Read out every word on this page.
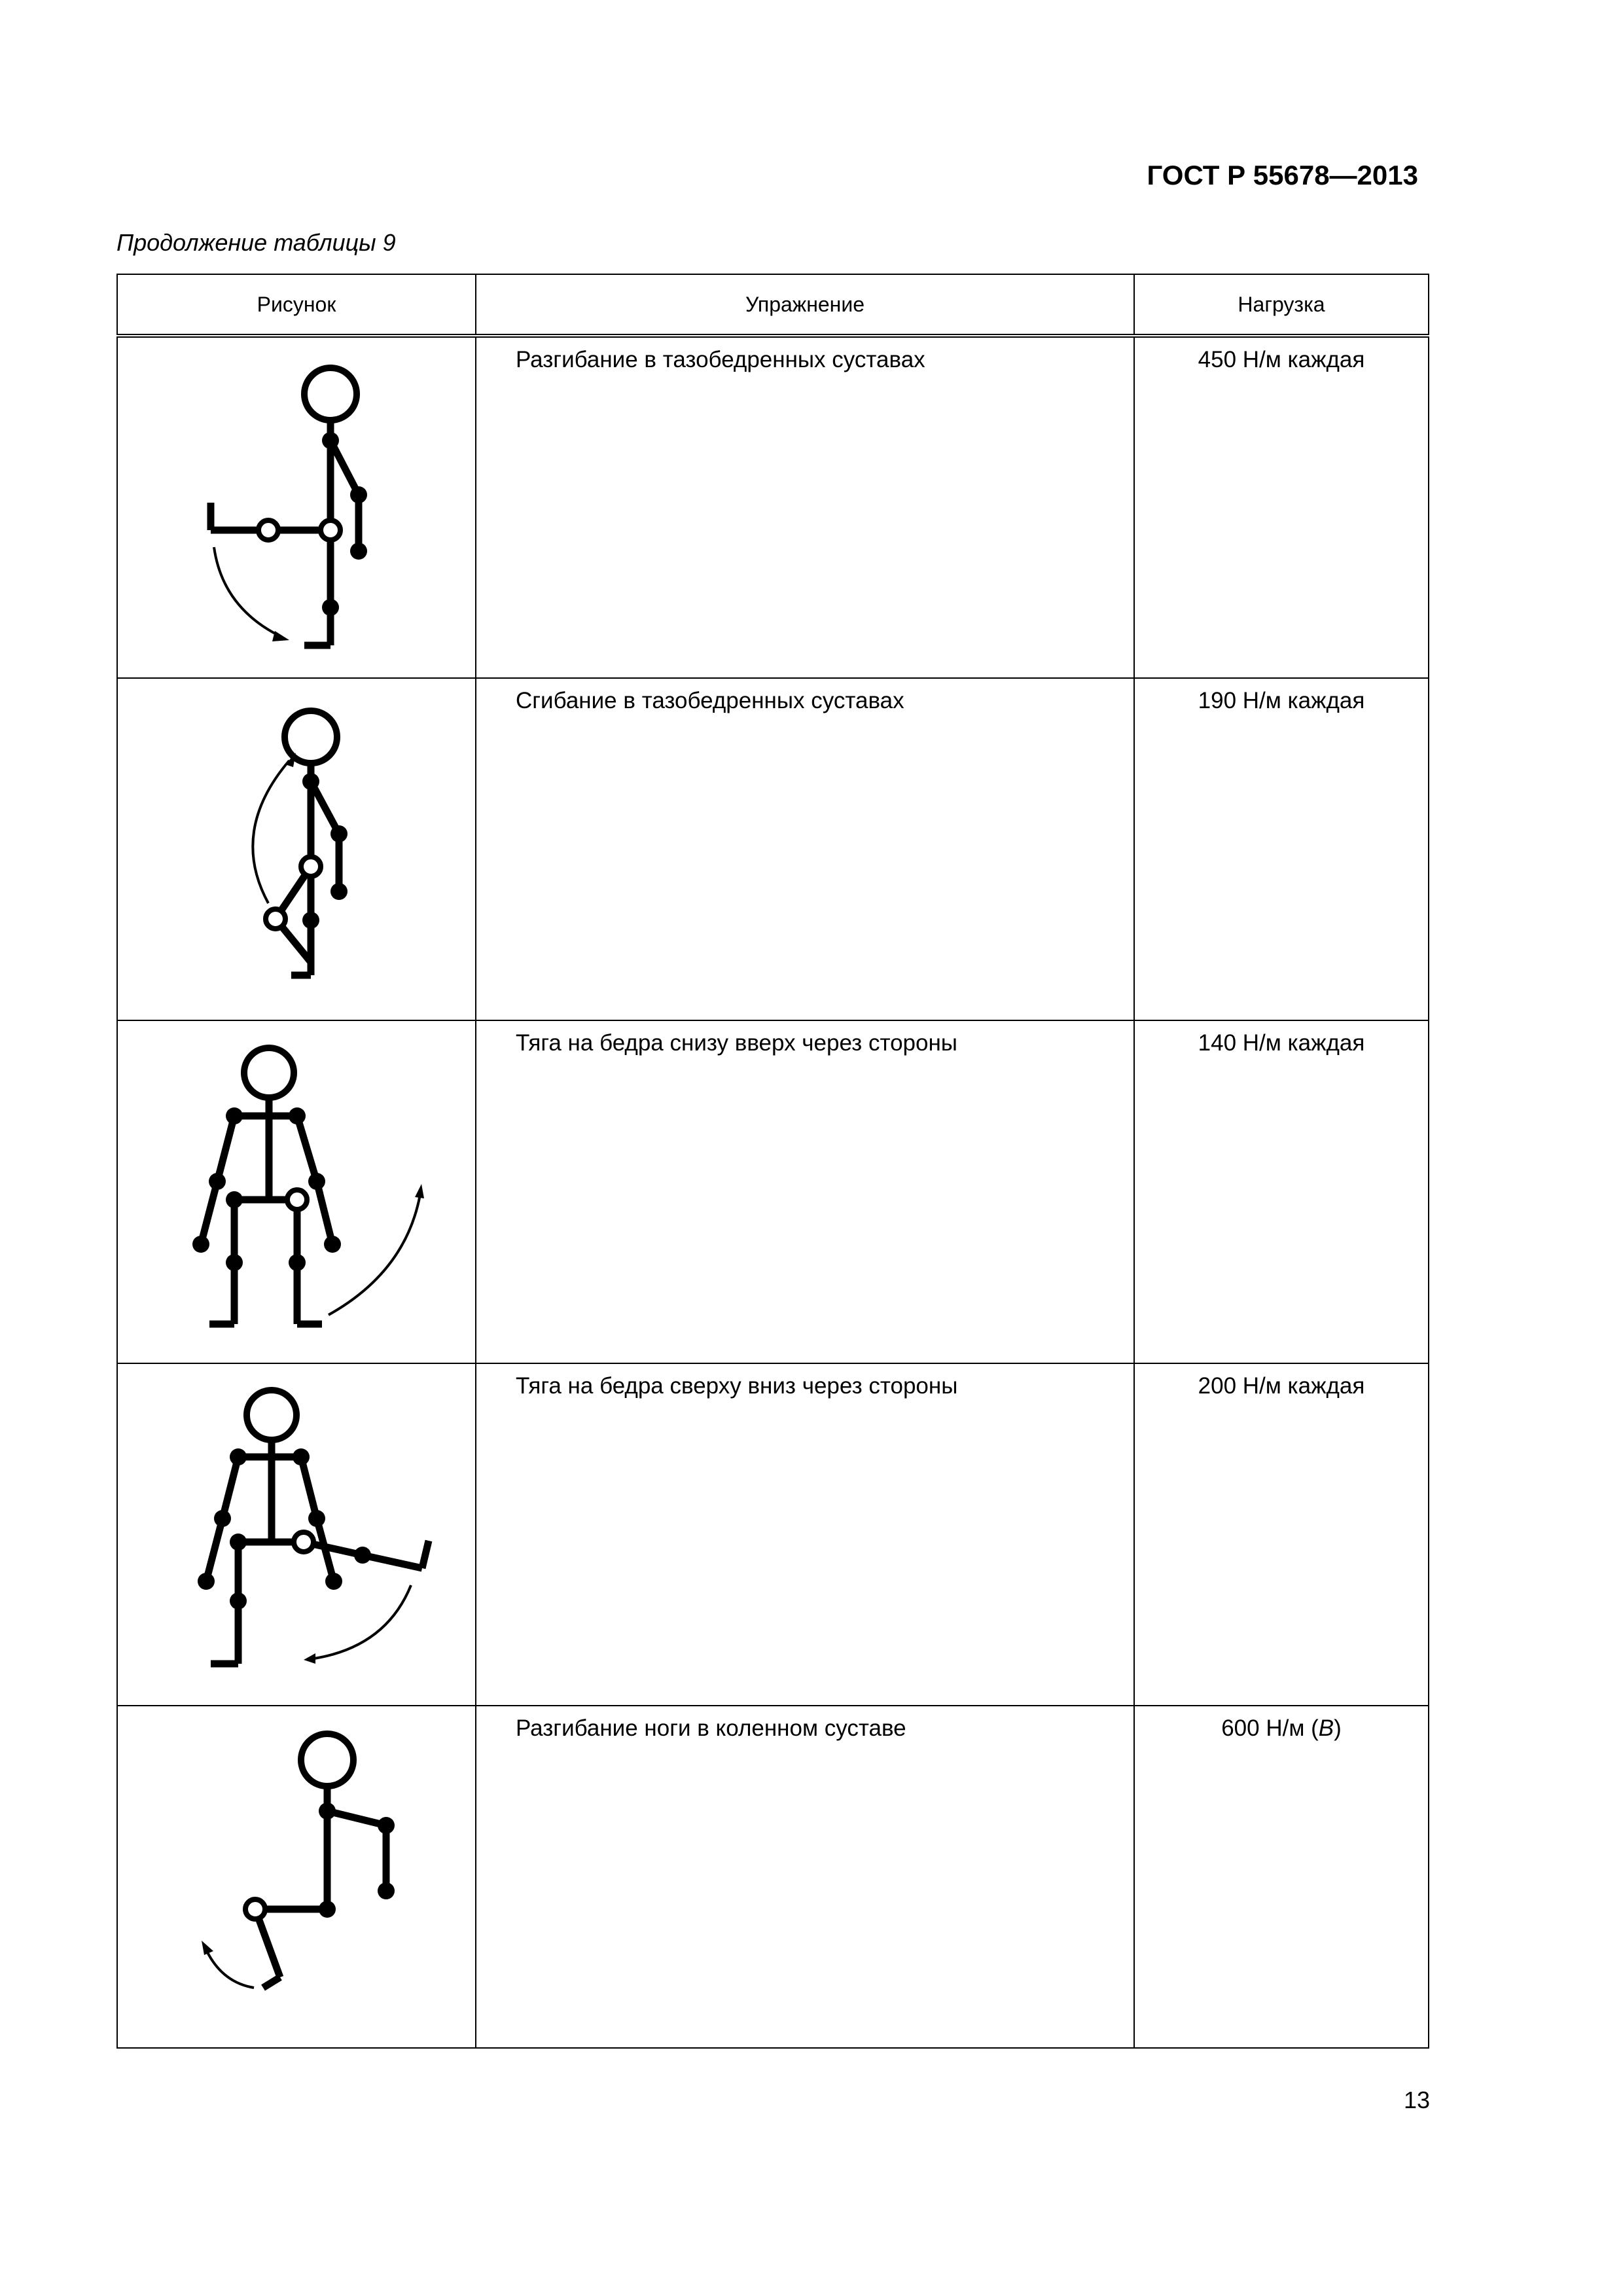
ГОСТ Р 55678—2013
Продолжение таблицы 9
Рисунок	Упражнение	Нагрузка

	Разгибание в тазобедренных суставах	450 Н/м каждая

	Сгибание в тазобедренных суставах	190 Н/м каждая

	Тяга на бедра снизу вверх через стороны	140 Н/м каждая

	Тяга на бедра сверху вниз через стороны	200 Н/м каждая

	Разгибание ноги в коленном суставе	600 Н/м (B)
13
